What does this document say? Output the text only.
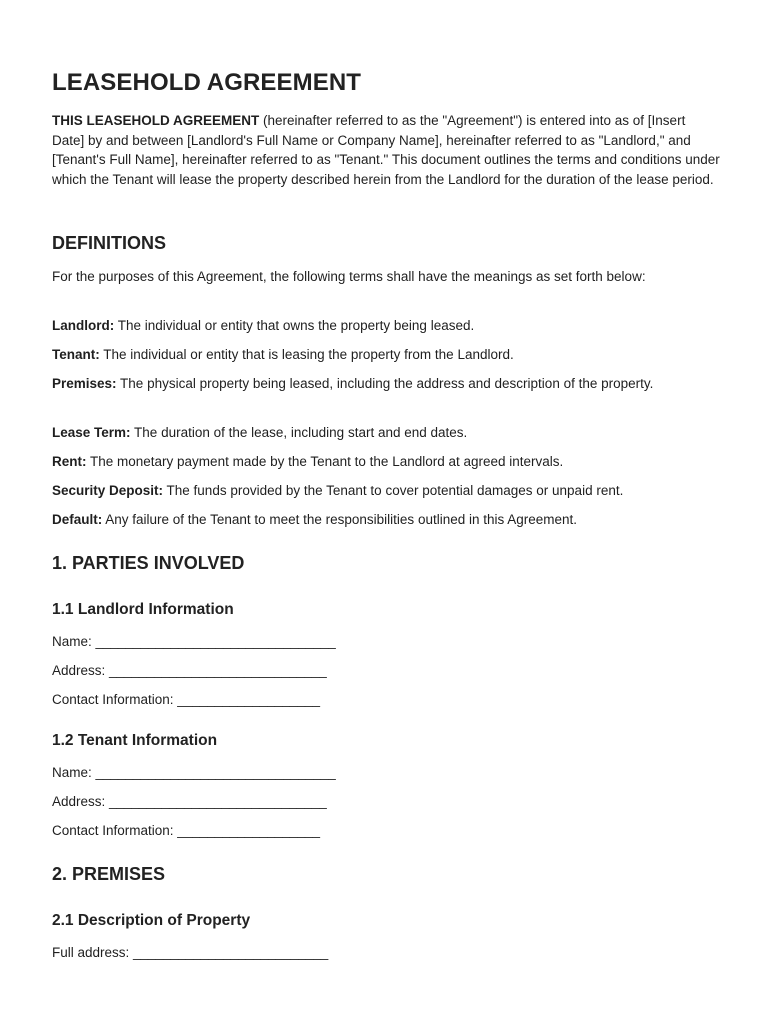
LEASEHOLD AGREEMENT

THIS LEASEHOLD AGREEMENT (hereinafter referred to as the "Agreement") is entered into as of [Insert Date] by and between [Landlord's Full Name or Company Name], hereinafter referred to as "Landlord," and [Tenant's Full Name], hereinafter referred to as "Tenant." This document outlines the terms and conditions under which the Tenant will lease the property described herein from the Landlord for the duration of the lease period.

DEFINITIONS

For the purposes of this Agreement, the following terms shall have the meanings as set forth below:

Landlord: The individual or entity that owns the property being leased.

Tenant: The individual or entity that is leasing the property from the Landlord.

Premises: The physical property being leased, including the address and description of the property.

Lease Term: The duration of the lease, including start and end dates.

Rent: The monetary payment made by the Tenant to the Landlord at agreed intervals.

Security Deposit: The funds provided by the Tenant to cover potential damages or unpaid rent.

Default: Any failure of the Tenant to meet the responsibilities outlined in this Agreement.

1. PARTIES INVOLVED
1.1 Landlord Information

Name: ________________________________

Address: _____________________________

Contact Information: ___________________

1.2 Tenant Information

Name: ________________________________

Address: _____________________________

Contact Information: ___________________

2. PREMISES
2.1 Description of Property

Full address: __________________________
